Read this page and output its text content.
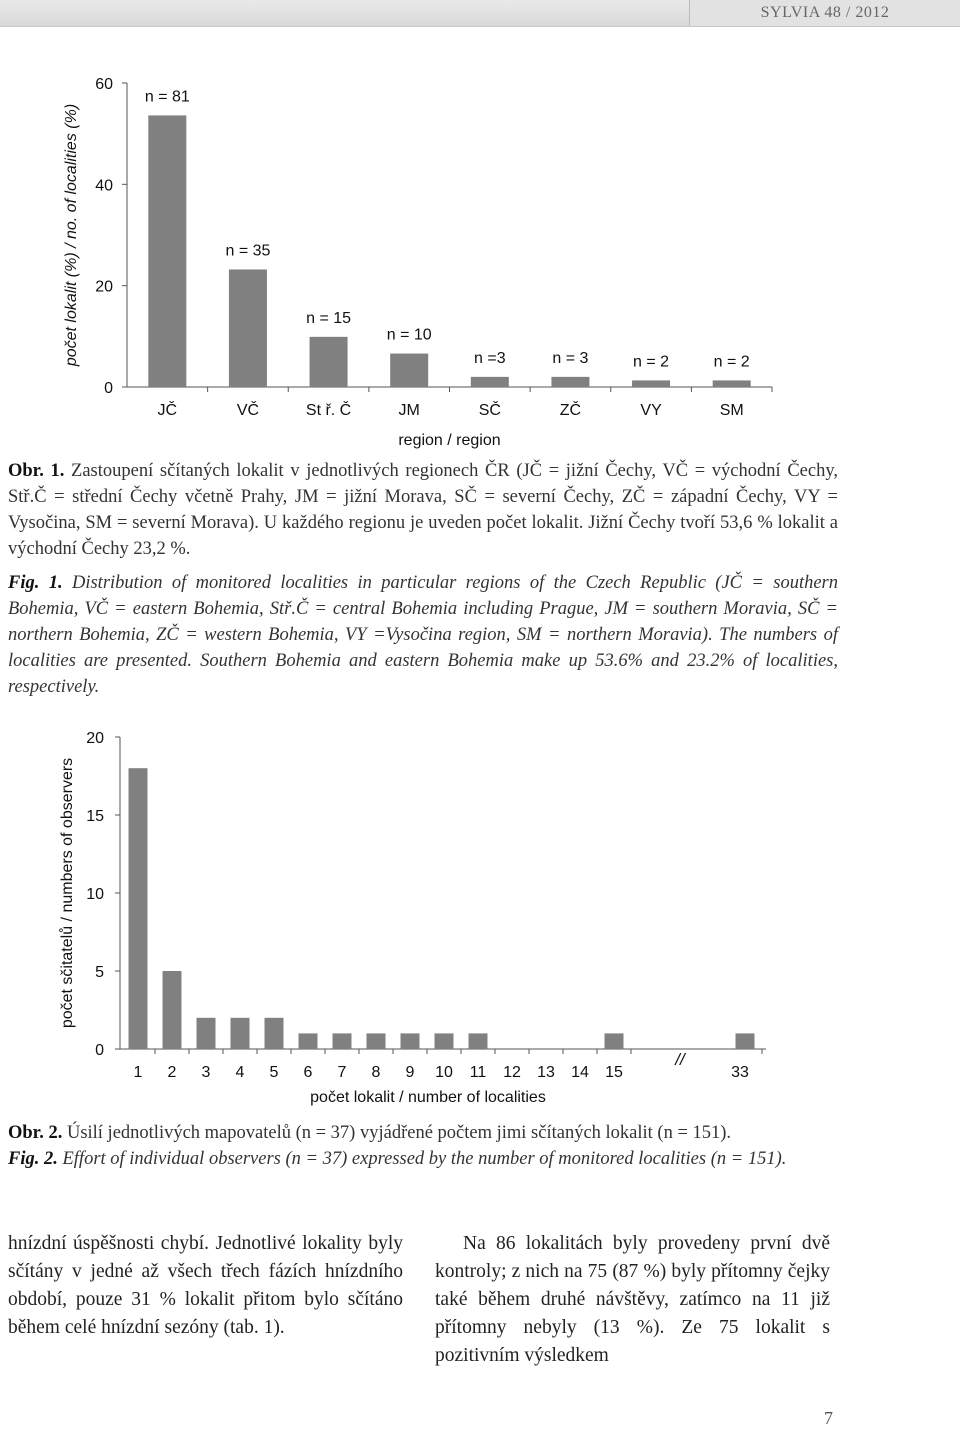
SYLVIA 48 / 2012
0
20
40
60
n = 81
JČ
n = 35
VČ
n = 15
St ř. Č
n = 10
JM
n =3
SČ
n = 3
ZČ
n = 2
VY
n = 2
SM
region / region
počet lokalit (%) / no. of localities (%)
Obr. 1. Zastoupení sčítaných lokalit v jednotlivých regionech ČR (JČ = jižní Čechy, VČ = východní Čechy, Stř.Č = střední Čechy včetně Prahy, JM = jižní Morava, SČ = severní Čechy, ZČ = západní Čechy, VY = Vysočina, SM = severní Morava). U každého regionu je uveden počet lokalit. Jižní Čechy tvoří 53,6 % lokalit a východní Čechy 23,2 %.
Fig. 1. Distribution of monitored localities in particular regions of the Czech Republic (JČ = southern Bohemia, VČ = eastern Bohemia, Stř.Č = central Bohemia including Prague, JM = southern Moravia, SČ = northern Bohemia, ZČ = western Bohemia, VY =Vysočina region, SM = northern Moravia). The numbers of localities are presented. Southern Bohemia and eastern Bohemia make up 53.6% and 23.2% of localities, respectively.
0
5
10
15
20
1 2 3 4 5 6 7 8 9 10 11 12 13 14 15	33
//
počet lokalit / number of localities
počet sčitatelů / numbers of observers
Obr. 2. Úsilí jednotlivých mapovatelů (n = 37) vyjádřené počtem jimi sčítaných lokalit (n = 151).
Fig. 2. Effort of individual observers (n = 37) expressed by the number of monitored localities (n = 151).
hnízdní úspěšnosti chybí. Jednotlivé lokality byly sčítány v jedné až všech třech fázích hnízdního období, pouze 31 % lokalit přitom bylo sčítáno během celé hnízdní sezóny (tab. 1).
Na 86 lokalitách byly provedeny první dvě kontroly; z nich na 75 (87 %) byly přítomny čejky také během druhé návštěvy, zatímco na 11 již přítomny nebyly (13 %). Ze 75 lokalit s pozitivním výsledkem
7
